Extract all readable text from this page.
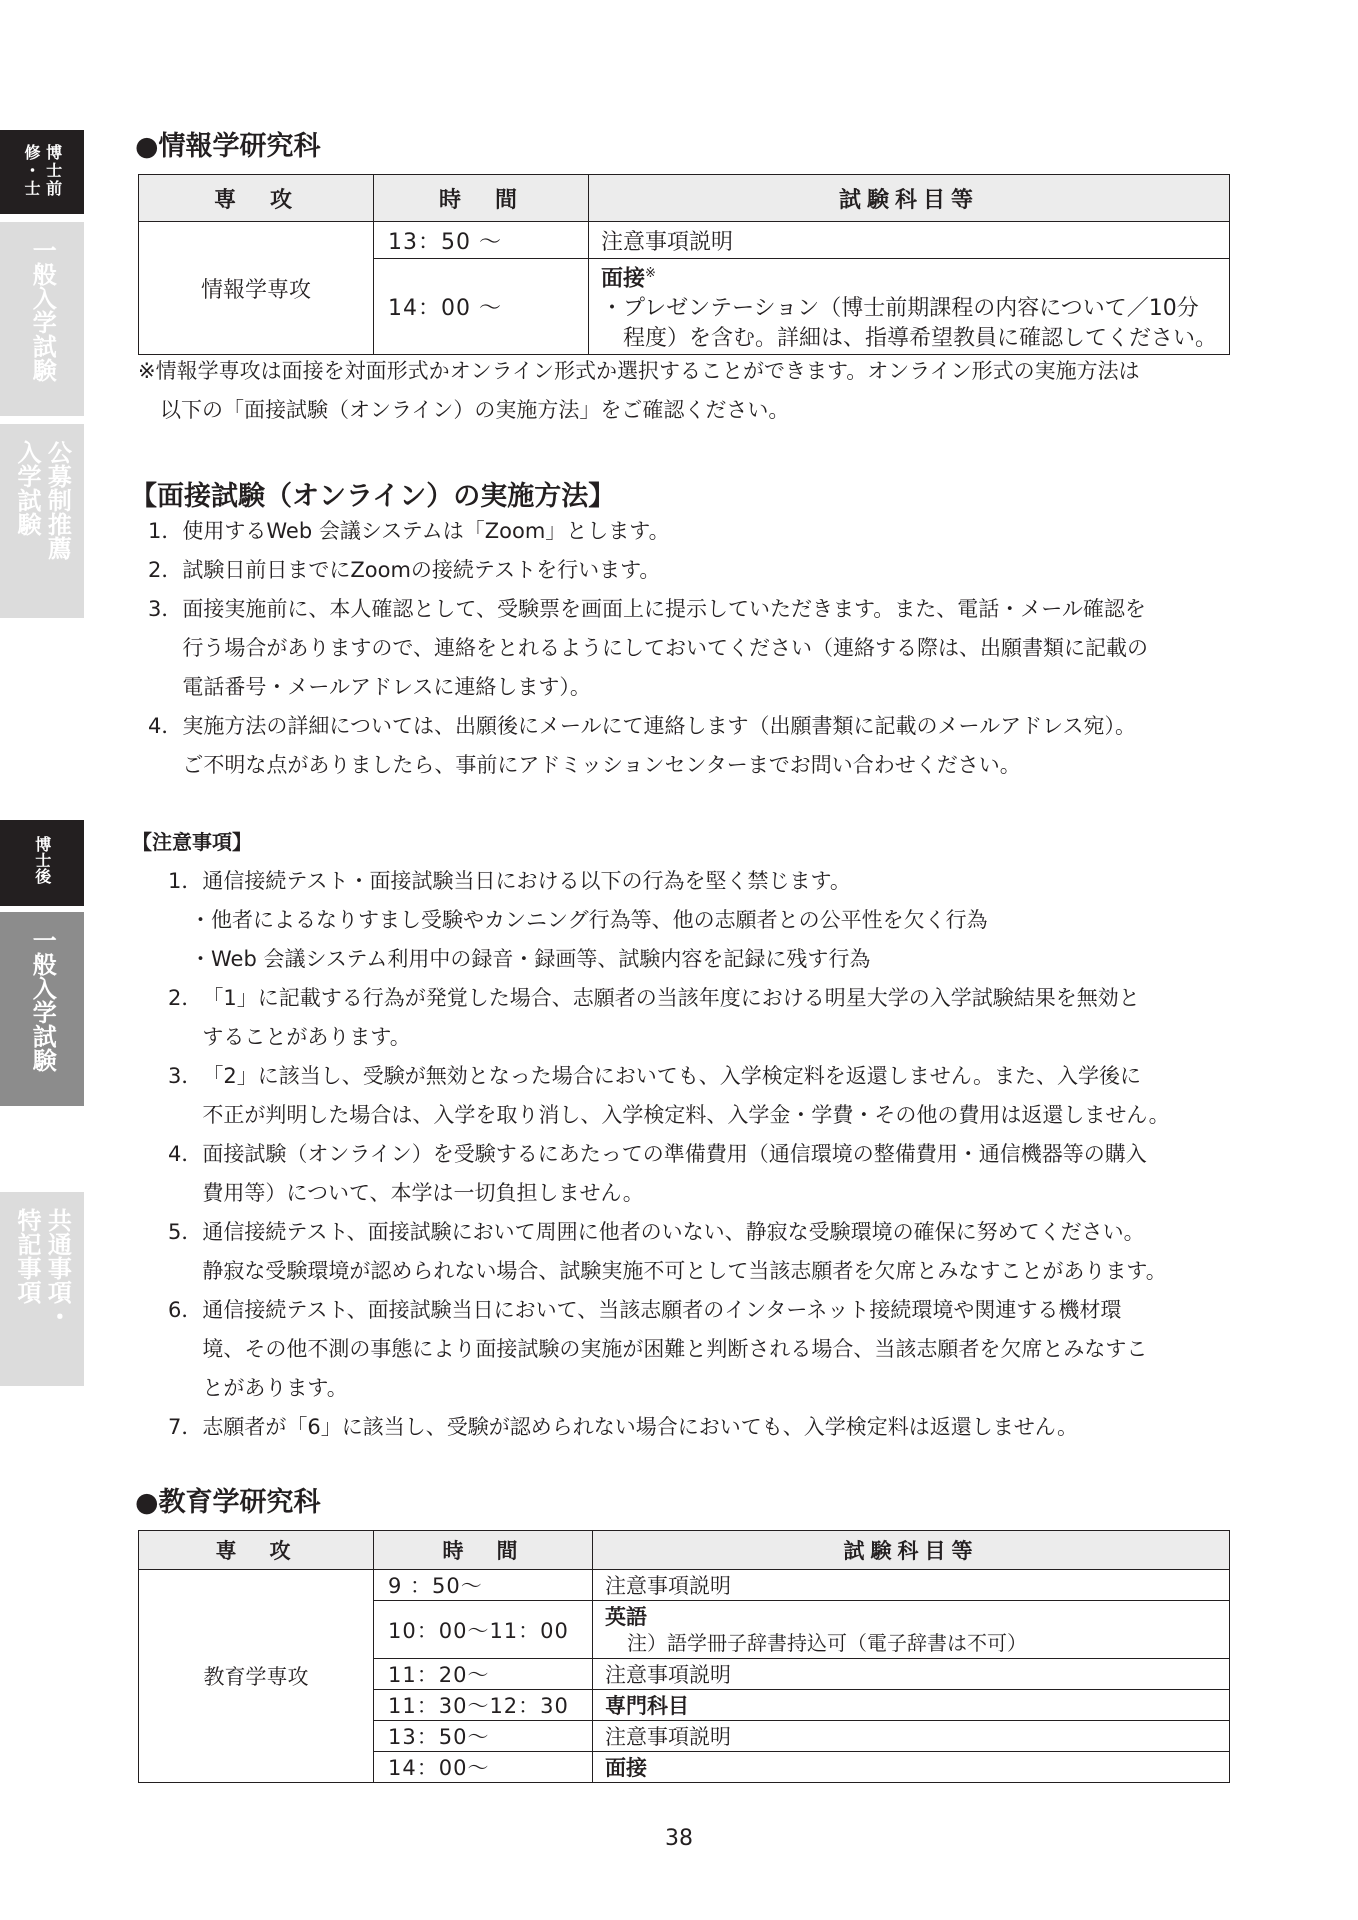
博士前
修・士
一般入学試験
公募制推薦
入学試験
博士後
一般入学試験
共通事項・
特記事項
●情報学研究科
専　攻	時　間	試験科目等
情報学専攻	13：50 〜	注意事項説明
	14：00 〜	面接※
・プレゼンテーション（博士前期課程の内容について／10分
程度）を含む。詳細は、指導希望教員に確認してください。
※情報学専攻は面接を対面形式かオンライン形式か選択することができます。オンライン形式の実施方法は
以下の「面接試験（オンライン）の実施方法」をご確認ください。
【面接試験（オンライン）の実施方法】
1． 使用するWeb 会議システムは「Zoom」とします。
2． 試験日前日までにZoomの接続テストを行います。
3． 面接実施前に、本人確認として、受験票を画面上に提示していただきます。また、電話・メール確認を
行う場合がありますので、連絡をとれるようにしておいてください（連絡する際は、出願書類に記載の
電話番号・メールアドレスに連絡します）。
4． 実施方法の詳細については、出願後にメールにて連絡します（出願書類に記載のメールアドレス宛）。
ご不明な点がありましたら、事前にアドミッションセンターまでお問い合わせください。
【注意事項】
1． 通信接続テスト・面接試験当日における以下の行為を堅く禁じます。
・他者によるなりすまし受験やカンニング行為等、他の志願者との公平性を欠く行為
・Web 会議システム利用中の録音・録画等、試験内容を記録に残す行為
2． 「1」に記載する行為が発覚した場合、志願者の当該年度における明星大学の入学試験結果を無効と
することがあります。
3． 「2」に該当し、受験が無効となった場合においても、入学検定料を返還しません。また、入学後に
不正が判明した場合は、入学を取り消し、入学検定料、入学金・学費・その他の費用は返還しません。
4． 面接試験（オンライン）を受験するにあたっての準備費用（通信環境の整備費用・通信機器等の購入
費用等）について、本学は一切負担しません。
5． 通信接続テスト、面接試験において周囲に他者のいない、静寂な受験環境の確保に努めてください。
静寂な受験環境が認められない場合、試験実施不可として当該志願者を欠席とみなすことがあります。
6． 通信接続テスト、面接試験当日において、当該志願者のインターネット接続環境や関連する機材環
境、その他不測の事態により面接試験の実施が困難と判断される場合、当該志願者を欠席とみなすこ
とがあります。
7． 志願者が「6」に該当し、受験が認められない場合においても、入学検定料は返還しません。
●教育学研究科
専　攻	時　間	試験科目等
教育学専攻	9 ：50〜	注意事項説明
	10：00〜11：00	英語
注）語学冊子辞書持込可（電子辞書は不可）
	11：20〜	注意事項説明
	11：30〜12：30	専門科目
	13：50〜	注意事項説明
	14：00〜	面接
38
